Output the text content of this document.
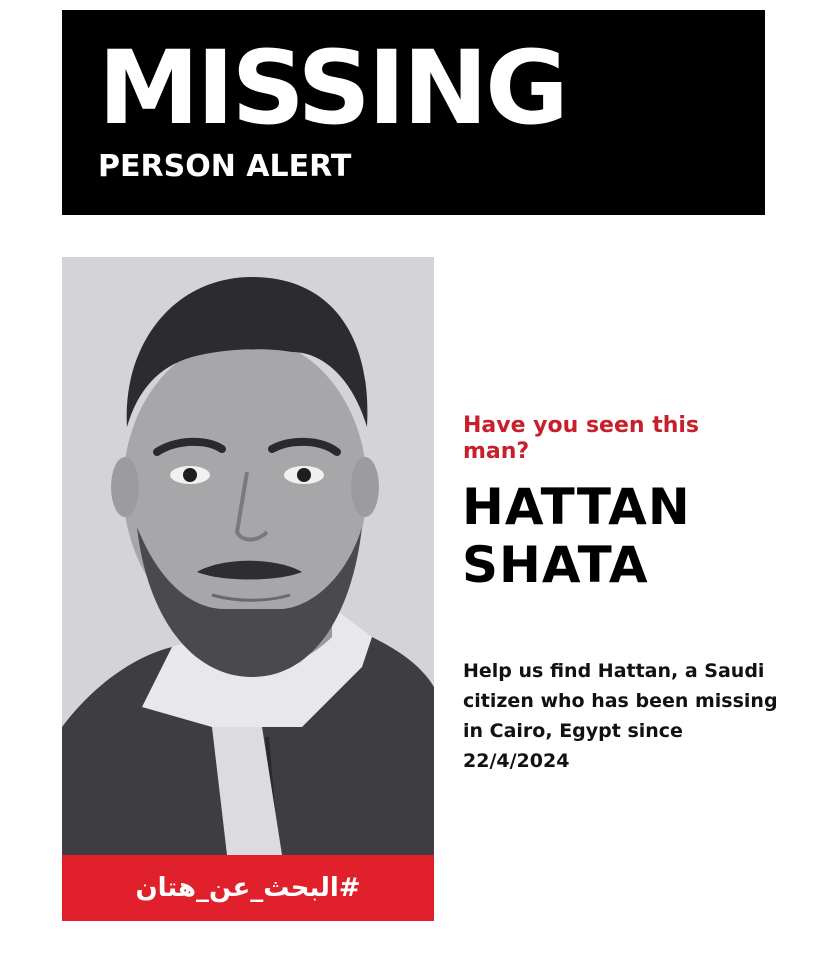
MISSING
PERSON ALERT
#البحث_عن_هتان
Have you seen this man?
HATTAN
SHATA
Help us find Hattan, a Saudi citizen who has been missing in Cairo, Egypt since 22/4/2024
